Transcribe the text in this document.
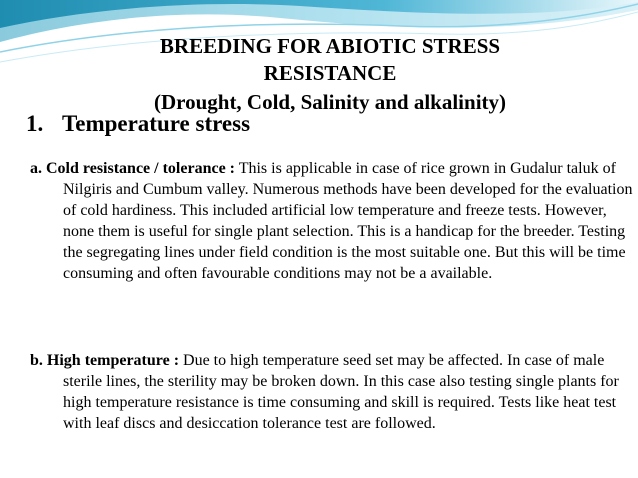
BREEDING FOR ABIOTIC STRESS RESISTANCE
(Drought, Cold, Salinity and alkalinity)
1. Temperature stress

a. Cold resistance / tolerance : This is applicable in case of rice grown in Gudalur taluk of Nilgiris and Cumbum valley. Numerous methods have been developed for the evaluation of cold hardiness. This included artificial low temperature and freeze tests. However, none them is useful for single plant selection. This is a handicap for the breeder. Testing the segregating lines under field condition is the most suitable one. But this will be time consuming and often favourable conditions may not be a available.

b. High temperature : Due to high temperature seed set may be affected. In case of male sterile lines, the sterility may be broken down. In this case also testing single plants for high temperature resistance is time consuming and skill is required. Tests like heat test with leaf discs and desiccation tolerance test are followed.
